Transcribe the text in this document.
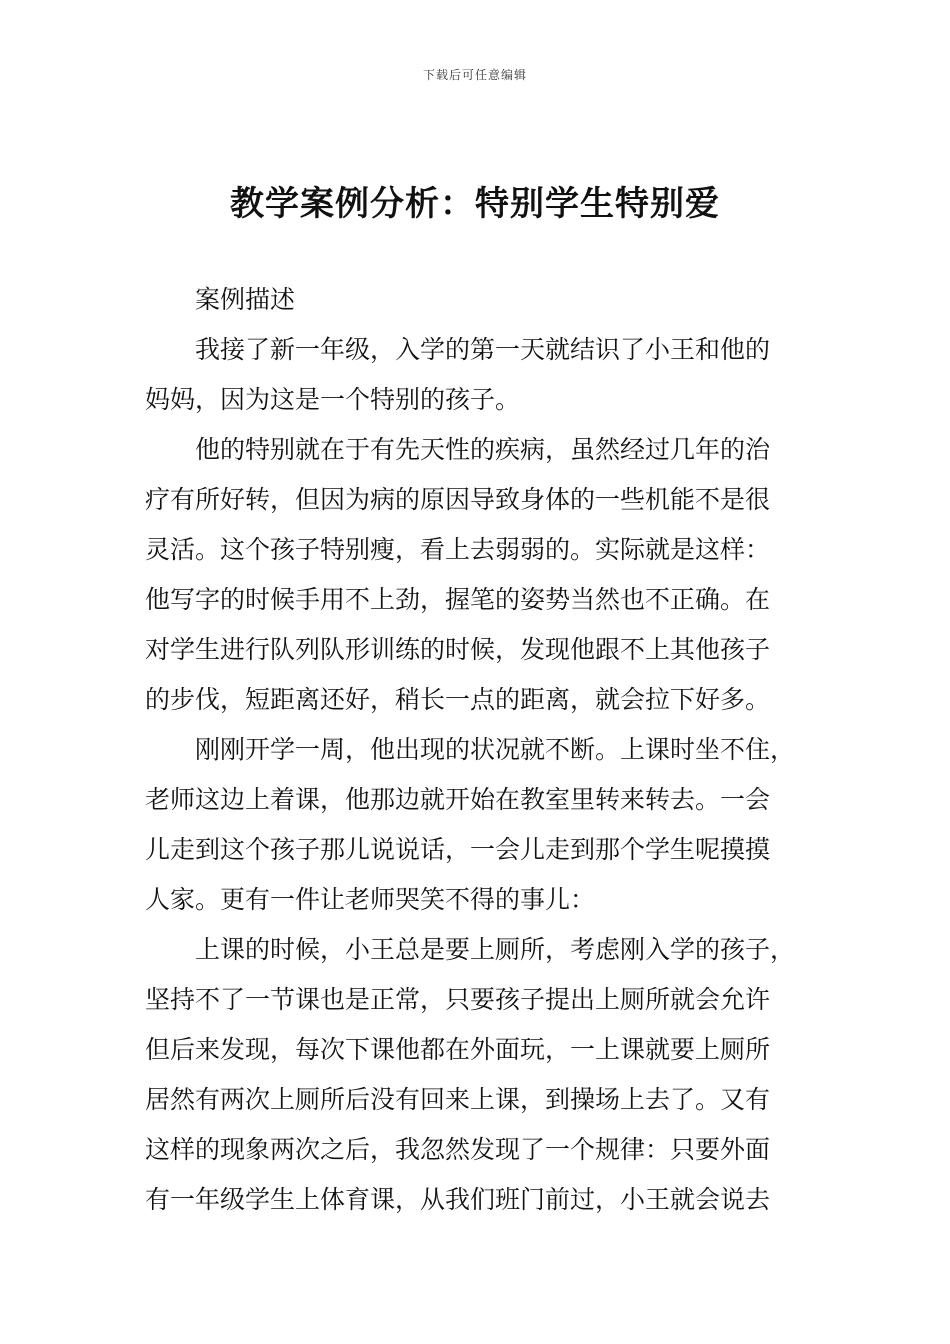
下载后可任意编辑
教学案例分析：特别学生特别爱
案例描述
我接了新一年级，入学的第一天就结识了小王和他的
妈妈，因为这是一个特别的孩子。
他的特别就在于有先天性的疾病，虽然经过几年的治
疗有所好转，但因为病的原因导致身体的一些机能不是很
灵活。这个孩子特别瘦，看上去弱弱的。实际就是这样：
他写字的时候手用不上劲，握笔的姿势当然也不正确。在
对学生进行队列队形训练的时候，发现他跟不上其他孩子
的步伐，短距离还好，稍长一点的距离，就会拉下好多。
刚刚开学一周，他出现的状况就不断。上课时坐不住，
老师这边上着课，他那边就开始在教室里转来转去。一会
儿走到这个孩子那儿说说话，一会儿走到那个学生呢摸摸
人家。更有一件让老师哭笑不得的事儿：
上课的时候，小王总是要上厕所，考虑刚入学的孩子，
坚持不了一节课也是正常，只要孩子提出上厕所就会允许
但后来发现，每次下课他都在外面玩，一上课就要上厕所
居然有两次上厕所后没有回来上课，到操场上去了。又有
这样的现象两次之后，我忽然发现了一个规律：只要外面
有一年级学生上体育课，从我们班门前过，小王就会说去
